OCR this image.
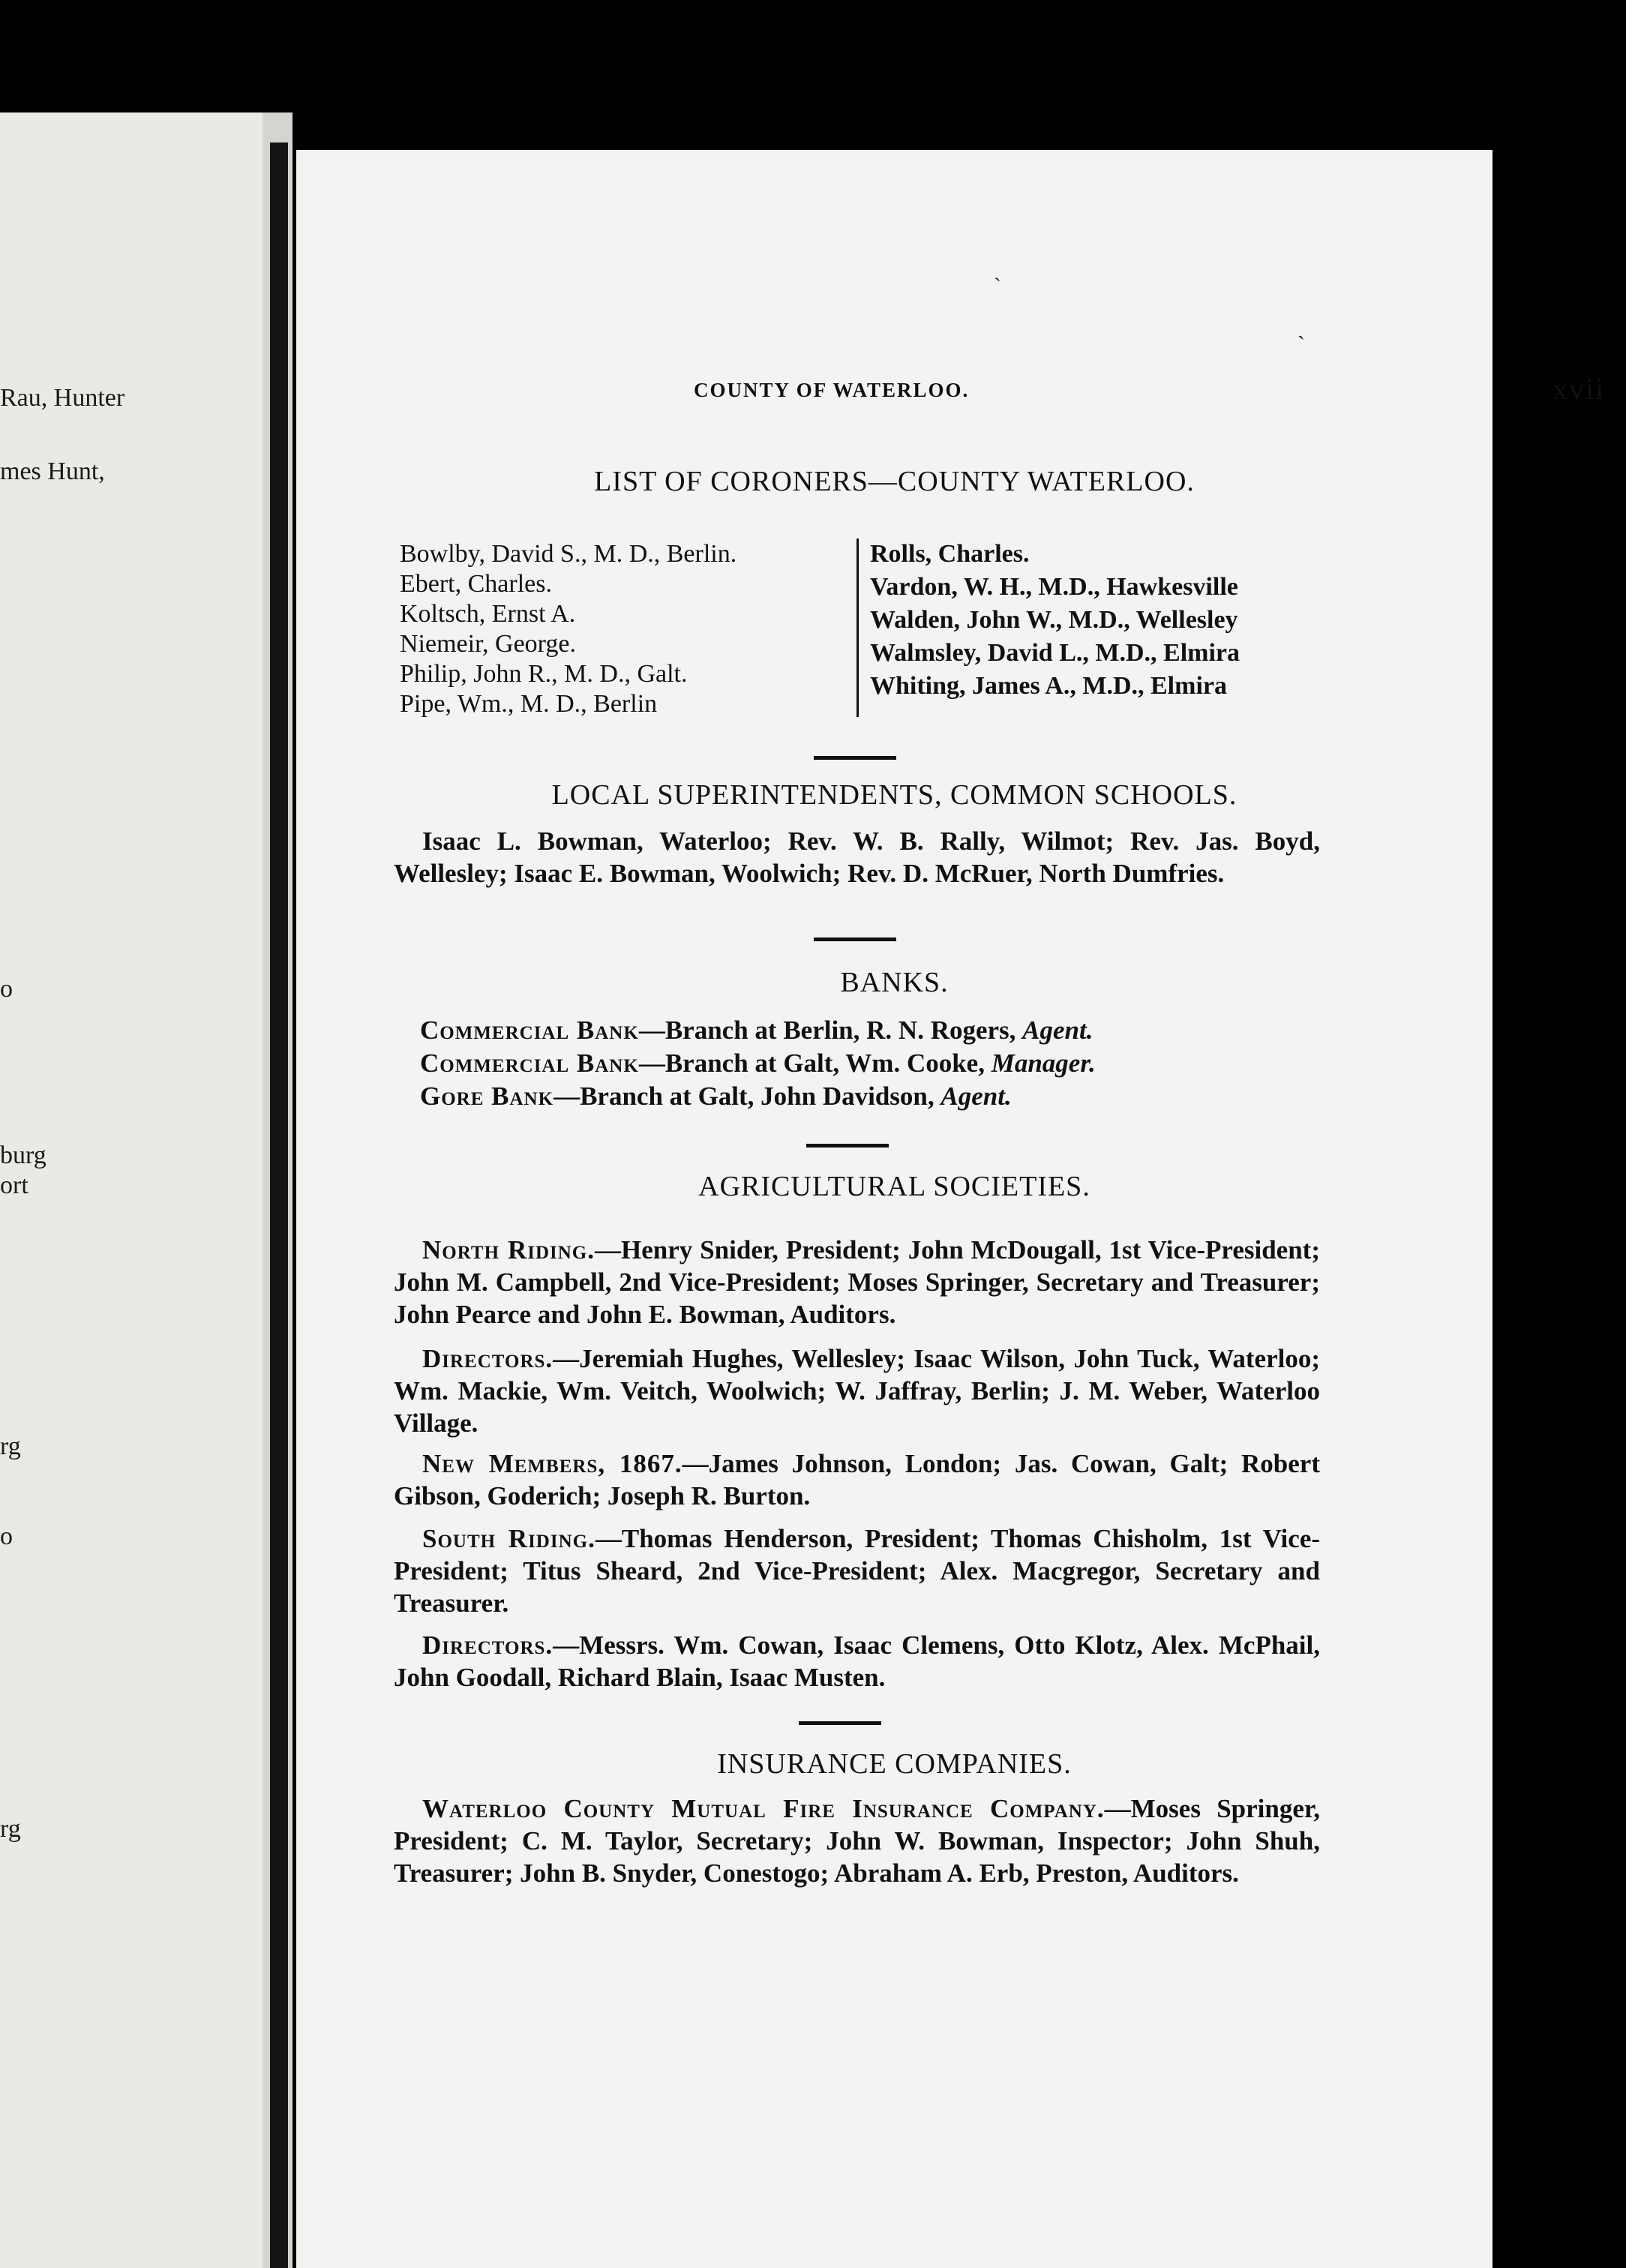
Rau, Hunter
mes Hunt,
o
burg
ort
rg
o
rg
ˋ
ˏ
COUNTY OF WATERLOO.	xvii
LIST OF CORONERS—COUNTY WATERLOO.
Bowlby, David S., M. D., Berlin.
Ebert, Charles.
Koltsch, Ernst A.
Niemeir, George.
Philip, John R., M. D., Galt.
Pipe, Wm., M. D., Berlin
Rolls, Charles.
Vardon, W. H., M.D., Hawkesville
Walden, John W., M.D., Wellesley
Walmsley, David L., M.D., Elmira
Whiting, James A., M.D., Elmira
LOCAL SUPERINTENDENTS, COMMON SCHOOLS.
Isaac L. Bowman, Waterloo; Rev. W. B. Rally, Wilmot; Rev. Jas. Boyd, Wellesley; Isaac E. Bowman, Woolwich; Rev. D. McRuer, North Dumfries.
BANKS.
Commercial Bank—Branch at Berlin, R. N. Rogers, Agent.
Commercial Bank—Branch at Galt, Wm. Cooke, Manager.
Gore Bank—Branch at Galt, John Davidson, Agent.
AGRICULTURAL SOCIETIES.
North Riding.—Henry Snider, President; John McDougall, 1st Vice-President; John M. Campbell, 2nd Vice-President; Moses Springer, Secretary and Treasurer; John Pearce and John E. Bowman, Auditors.
Directors.—Jeremiah Hughes, Wellesley; Isaac Wilson, John Tuck, Waterloo; Wm. Mackie, Wm. Veitch, Woolwich; W. Jaffray, Berlin; J. M. Weber, Waterloo Village.
New Members, 1867.—James Johnson, London; Jas. Cowan, Galt; Robert Gibson, Goderich; Joseph R. Burton.
South Riding.—Thomas Henderson, President; Thomas Chisholm, 1st Vice-President; Titus Sheard, 2nd Vice-President; Alex. Macgregor, Secretary and Treasurer.
Directors.—Messrs. Wm. Cowan, Isaac Clemens, Otto Klotz, Alex. McPhail, John Goodall, Richard Blain, Isaac Musten.
INSURANCE COMPANIES.
Waterloo County Mutual Fire Insurance Company.—Moses Springer, President; C. M. Taylor, Secretary; John W. Bowman, Inspector; John Shuh, Treasurer; John B. Snyder, Conestogo; Abraham A. Erb, Preston, Auditors.
